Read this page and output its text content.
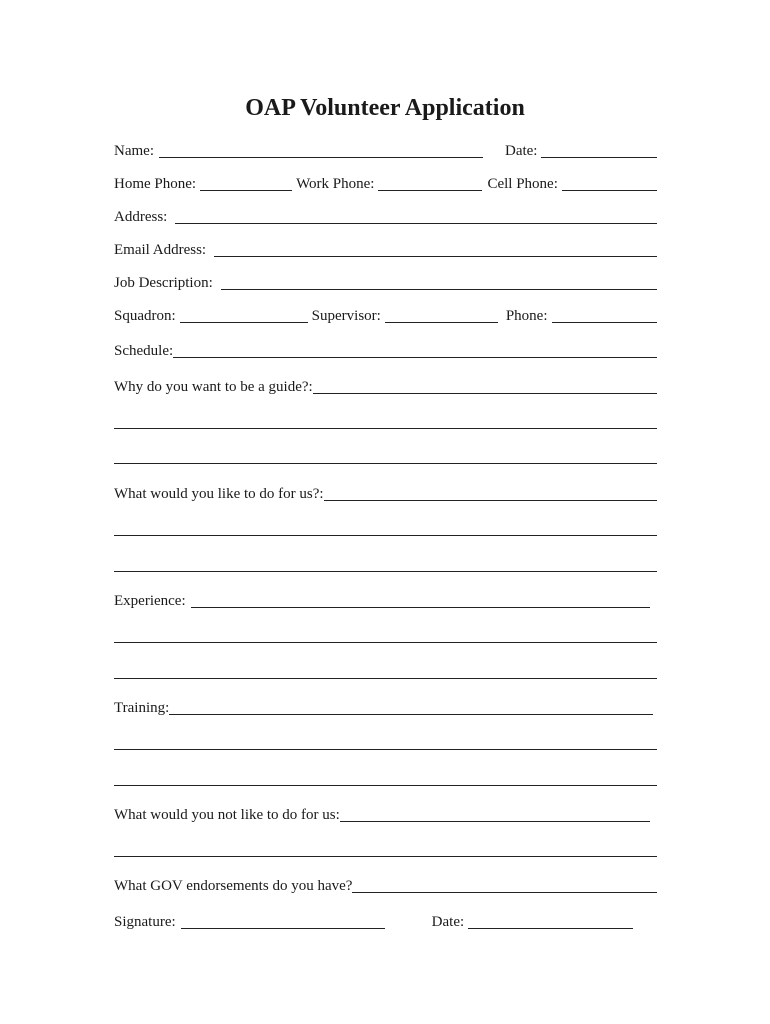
OAP Volunteer Application
Name:	Date:
Home Phone:	Work Phone:	Cell Phone:
Address:
Email Address:
Job Description:
Squadron:	Supervisor:	Phone:
Schedule:
Why do you want to be a guide?:
What would you like to do for us?:
Experience:
Training:
What would you not like to do for us:
What GOV endorsements do you have?
Signature:	Date:
